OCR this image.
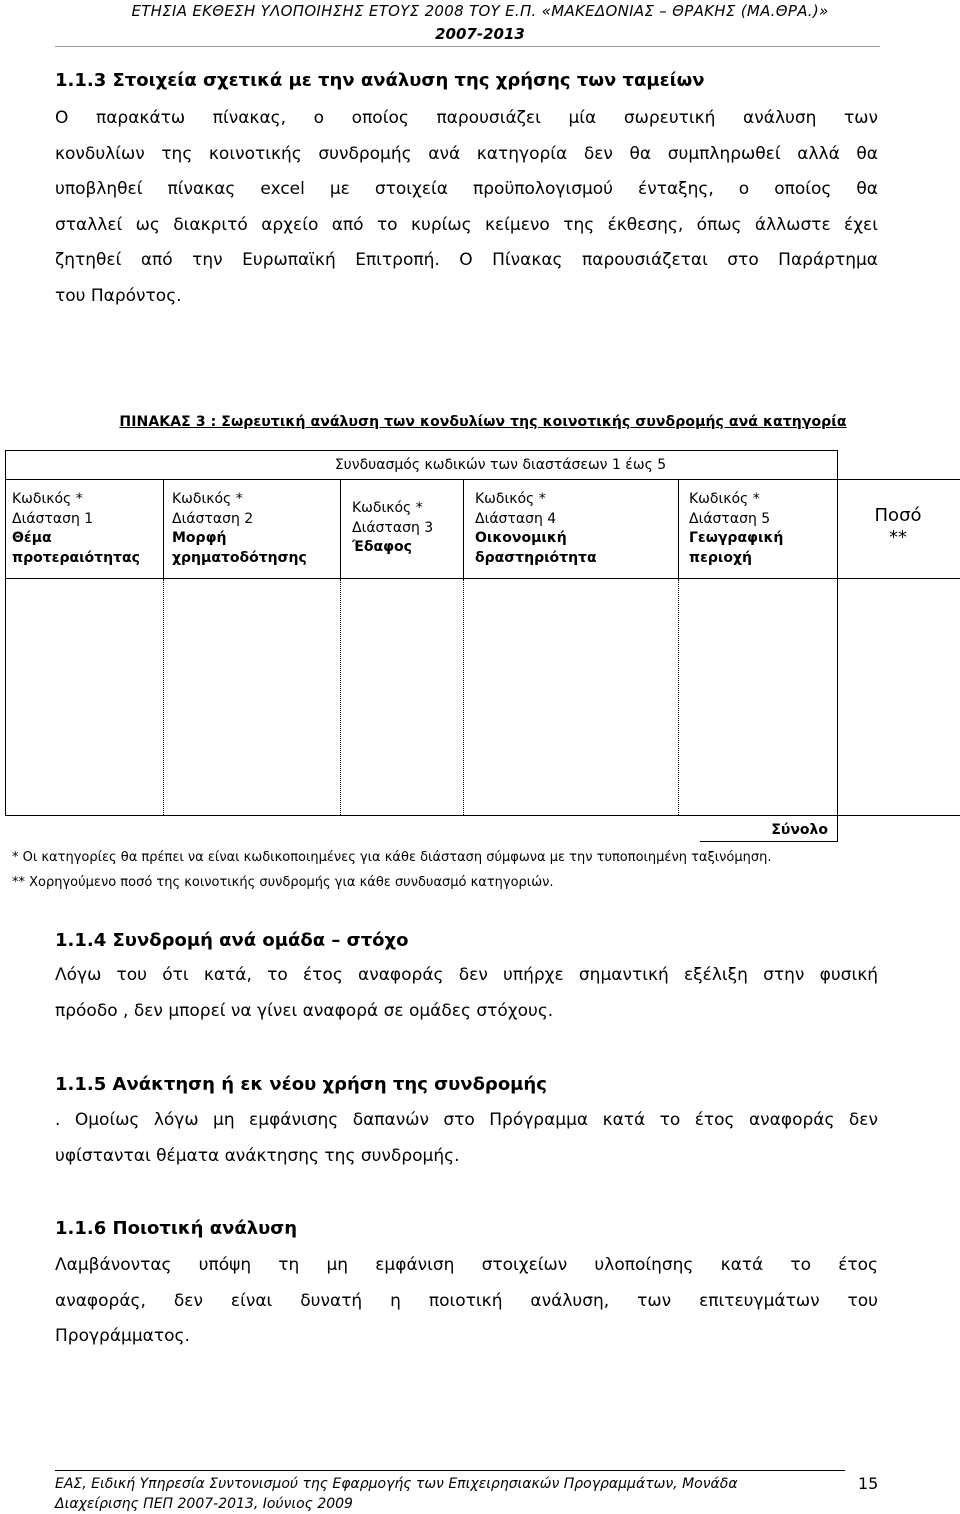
ΕΤΗΣΙΑ ΕΚΘΕΣΗ ΥΛΟΠΟΙΗΣΗΣ ΕΤΟΥΣ 2008 ΤΟΥ Ε.Π. «ΜΑΚΕΔΟΝΙΑΣ – ΘΡΑΚΗΣ (ΜΑ.ΘΡΑ.)»
2007-2013
1.1.3 Στοιχεία σχετικά με την ανάλυση της χρήσης των ταμείων
Ο παρακάτω πίνακας, ο οποίος παρουσιάζει μία σωρευτική ανάλυση των
κονδυλίων της κοινοτικής συνδρομής ανά κατηγορία δεν θα συμπληρωθεί αλλά θα
υποβληθεί πίνακας excel με στοιχεία προϋπολογισμού ένταξης, ο οποίος θα
σταλλεί ως διακριτό αρχείο από το κυρίως κείμενο της έκθεσης, όπως άλλωστε έχει
ζητηθεί από την Ευρωπαϊκή Επιτροπή. Ο Πίνακας παρουσιάζεται στο Παράρτημα
του Παρόντος.
ΠΙΝΑΚΑΣ 3 : Σωρευτική ανάλυση των κονδυλίων της κοινοτικής συνδρομής ανά κατηγορία
Συνδυασμός κωδικών των διαστάσεων 1 έως 5
Κωδικός *
Διάσταση 1
Θέμα
προτεραιότητας
Κωδικός *
Διάσταση 2
Μορφή
χρηματοδότησης
Κωδικός *
Διάσταση 3
Έδαφος
Κωδικός *
Διάσταση 4
Οικονομική
δραστηριότητα
Κωδικός *
Διάσταση 5
Γεωγραφική
περιοχή
Ποσό
**
Σύνολο
* Οι κατηγορίες θα πρέπει να είναι κωδικοποιημένες για κάθε διάσταση σύμφωνα με την τυποποιημένη ταξινόμηση.
** Χορηγούμενο ποσό της κοινοτικής συνδρομής για κάθε συνδυασμό κατηγοριών.
1.1.4 Συνδρομή ανά ομάδα – στόχο
Λόγω του ότι κατά, το έτος αναφοράς δεν υπήρχε σημαντική εξέλιξη στην φυσική
πρόοδο , δεν μπορεί να γίνει αναφορά σε ομάδες στόχους.
1.1.5 Ανάκτηση ή εκ νέου χρήση της συνδρομής
. Ομοίως λόγω μη εμφάνισης δαπανών στο Πρόγραμμα κατά το έτος αναφοράς δεν
υφίστανται θέματα ανάκτησης της συνδρομής.
1.1.6 Ποιοτική ανάλυση
Λαμβάνοντας υπόψη τη μη εμφάνιση στοιχείων υλοποίησης κατά το έτος
αναφοράς, δεν είναι δυνατή η ποιοτική ανάλυση, των επιτευγμάτων του
Προγράμματος.
ΕΑΣ, Ειδική Υπηρεσία Συντονισμού της Εφαρμογής των Επιχειρησιακών Προγραμμάτων, Μονάδα
Διαχείρισης ΠΕΠ 2007-2013, Ιούνιος 2009
15
